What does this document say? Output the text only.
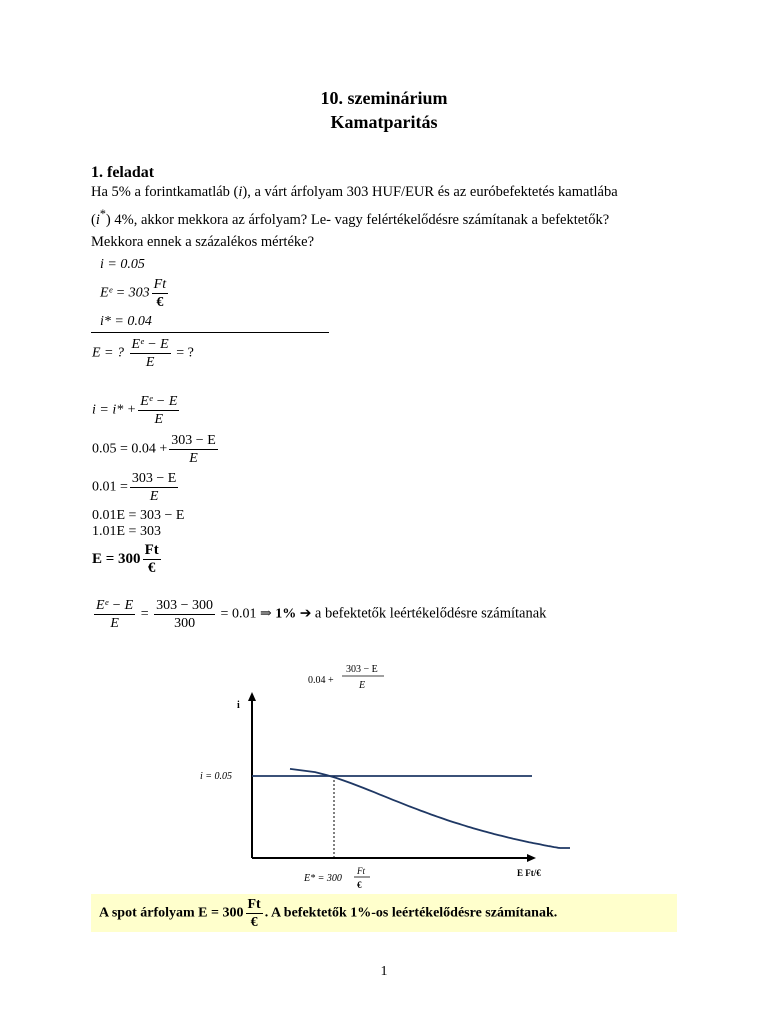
10. szeminárium
Kamatparitás
1. feladat
Ha 5% a forintkamatláb (i), a várt árfolyam 303 HUF/EUR és az euróbefektetés kamatlába
(i*) 4%, akkor mekkora az árfolyam? Le- vagy felértékelődésre számítanak a befektetők?
Mekkora ennek a százalékos mértéke?
i = 0.05
Eᵉ = $303 \frac{Ft}{€}$
i* = 0.04
E = ? $\frac{\text{Eᵉ − E}}{E}$ = ?
$i = i* + \frac{\text{Eᵉ − E}}{E}$
$0.05 = 0.04 + \frac{303 - E}{E}$
$0.01 = \frac{303 - E}{E}$
0.01E = 303 − E
1.01E = 303
$E = 300 \frac{Ft}{€}$
$\frac{\text{Eᵉ − E}}{E} = \frac{303 - 300}{300} = 0.01$ ⇒ 1% ➔ a befektetők leértékelődésre számítanak
i
E Ft/€
i = 0.05
0.04 +
303 − E
E
E* = 300
Ft
€
A spot árfolyam $E = 300 \frac{Ft}{€}$ . A befektetők 1%-os leértékelődésre számítanak.
1
